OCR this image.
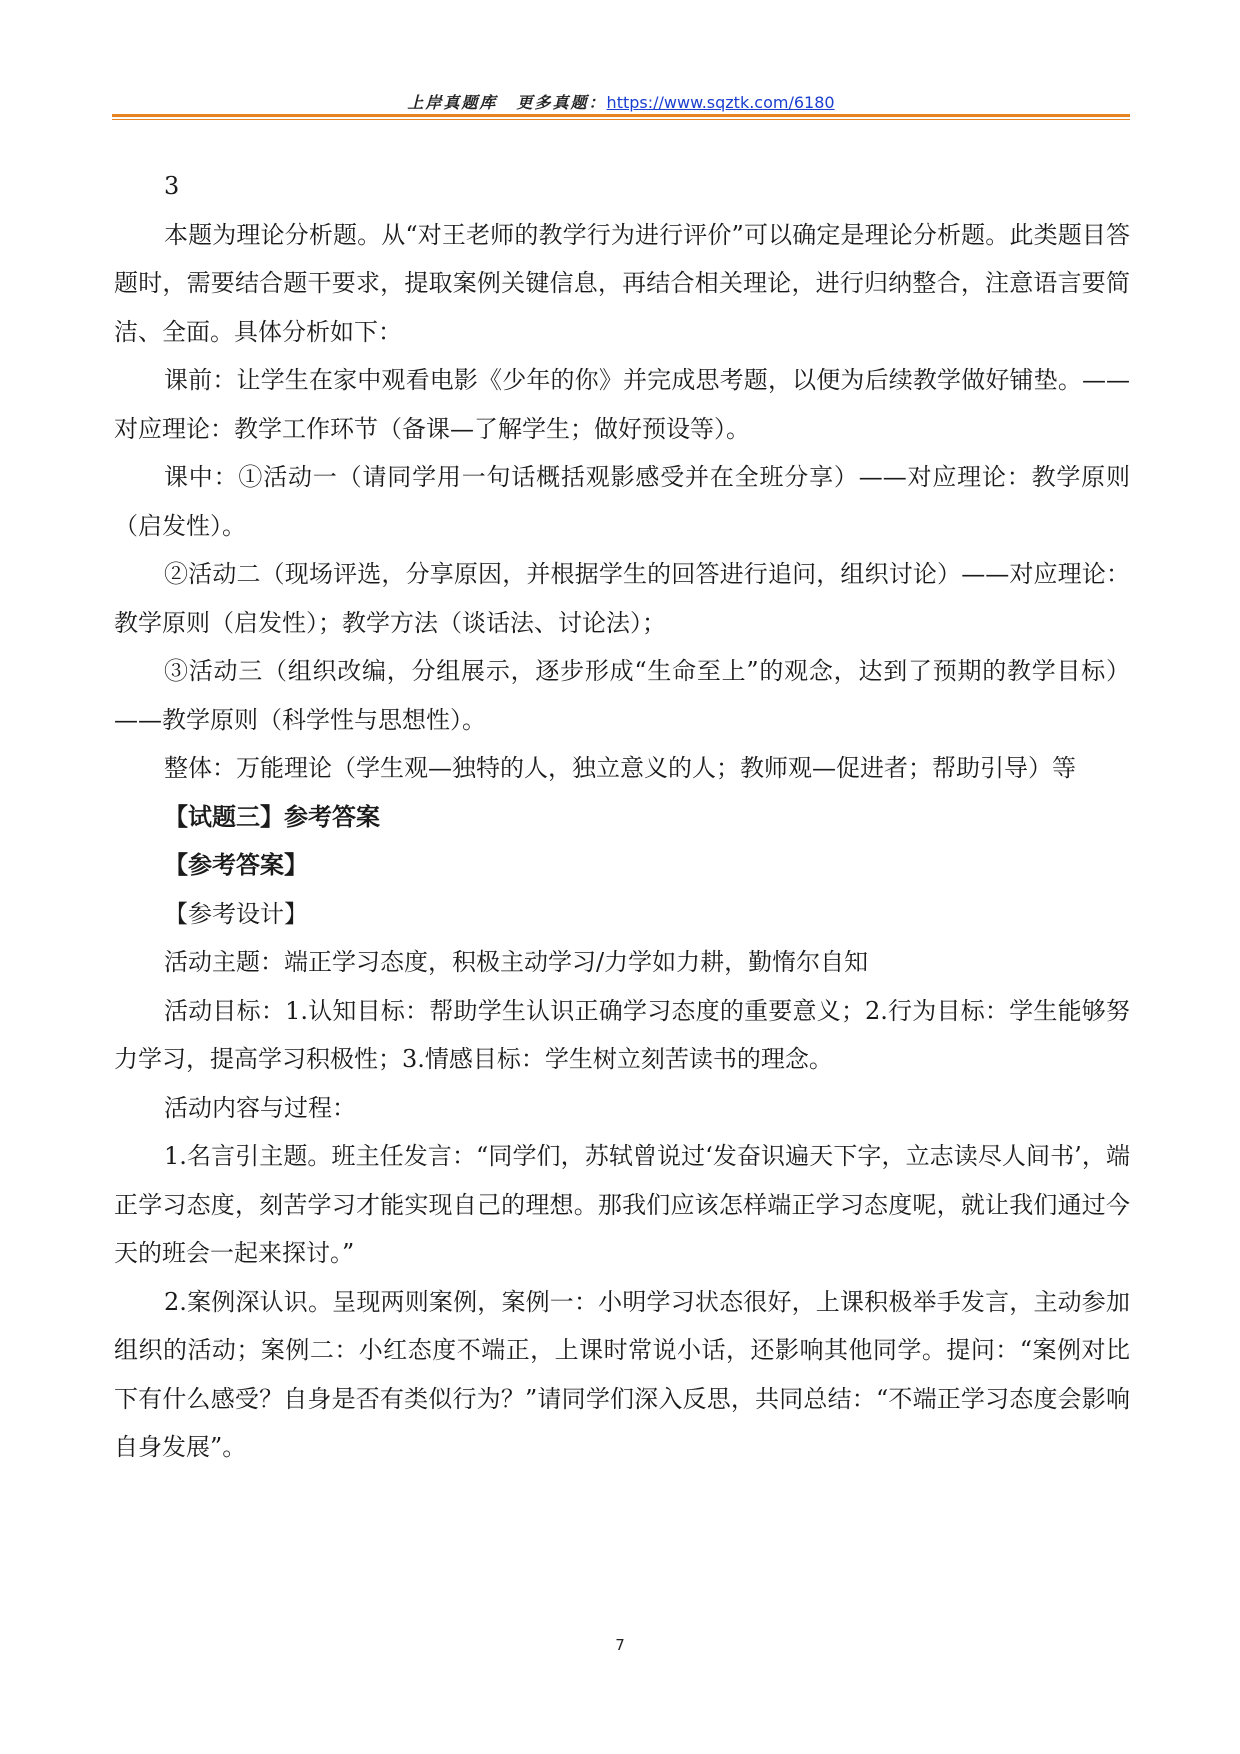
上岸真题库 更多真题：https://www.sqztk.com/6180

3

本题为理论分析题。从“对王老师的教学行为进行评价”可以确定是理论分析题。此类题目答题时，需要结合题干要求，提取案例关键信息，再结合相关理论，进行归纳整合，注意语言要简洁、全面。具体分析如下：

课前：让学生在家中观看电影《少年的你》并完成思考题，以便为后续教学做好铺垫。——对应理论：教学工作环节（备课—了解学生；做好预设等）。

课中：①活动一（请同学用一句话概括观影感受并在全班分享）——对应理论：教学原则（启发性）。

②活动二（现场评选，分享原因，并根据学生的回答进行追问，组织讨论）——对应理论：教学原则（启发性）；教学方法（谈话法、讨论法）；

③活动三（组织改编，分组展示，逐步形成“生命至上”的观念，达到了预期的教学目标）——教学原则（科学性与思想性）。

整体：万能理论（学生观—独特的人，独立意义的人；教师观—促进者；帮助引导）等

【试题三】参考答案

【参考答案】

【参考设计】

活动主题：端正学习态度，积极主动学习/力学如力耕，勤惰尔自知

活动目标：1.认知目标：帮助学生认识正确学习态度的重要意义；2.行为目标：学生能够努力学习，提高学习积极性；3.情感目标：学生树立刻苦读书的理念。

活动内容与过程：

1.名言引主题。班主任发言：“同学们，苏轼曾说过‘发奋识遍天下字，立志读尽人间书’，端正学习态度，刻苦学习才能实现自己的理想。那我们应该怎样端正学习态度呢，就让我们通过今天的班会一起来探讨。”

2.案例深认识。呈现两则案例，案例一：小明学习状态很好，上课积极举手发言，主动参加组织的活动；案例二：小红态度不端正，上课时常说小话，还影响其他同学。提问：“案例对比下有什么感受？自身是否有类似行为？”请同学们深入反思，共同总结：“不端正学习态度会影响自身发展”。

7
